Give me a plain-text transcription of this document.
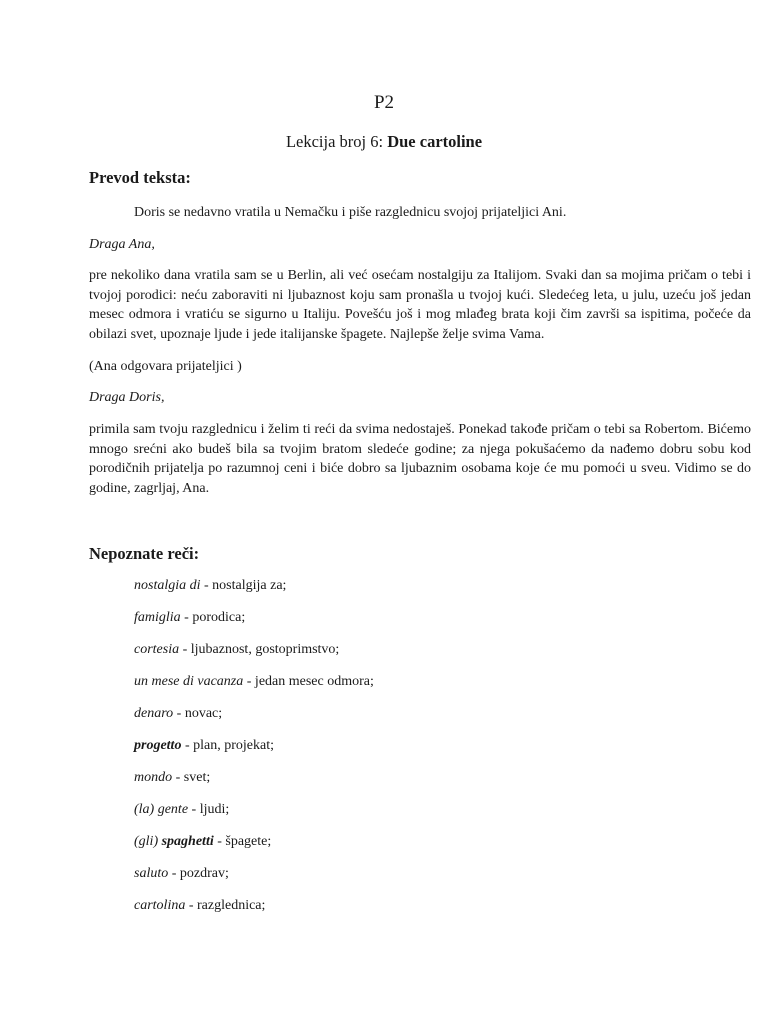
P2
Lekcija broj 6: Due cartoline
Prevod teksta:
Doris se nedavno vratila u Nemačku i piše razglednicu svojoj prijateljici Ani.
Draga Ana,
pre nekoliko dana vratila sam se u Berlin, ali već osećam nostalgiju za Italijom. Svaki dan sa mojima pričam o tebi i tvojoj porodici: neću zaboraviti ni ljubaznost koju sam pronašla u tvojoj kući. Sledećeg leta, u julu, uzeću još jedan mesec odmora i vratiću se sigurno u Italiju. Povešću još i mog mlađeg brata koji čim završi sa ispitima, počeće da obilazi svet, upoznaje ljude i jede italijanske špagete. Najlepše želje svima Vama.
(Ana odgovara prijateljici )
Draga Doris,
primila sam tvoju razglednicu i želim ti reći da svima nedostaješ. Ponekad takođe pričam o tebi sa Robertom. Bićemo mnogo srećni ako budeš bila sa tvojim bratom sledeće godine; za njega pokušaćemo da nađemo dobru sobu kod porodičnih prijatelja po razumnoj ceni i biće dobro sa ljubaznim osobama koje će mu pomoći u sveu. Vidimo se do godine, zagrljaj, Ana.
Nepoznate reči:
nostalgia di - nostalgija za;
famiglia - porodica;
cortesia - ljubaznost, gostoprimstvo;
un mese di vacanza - jedan mesec odmora;
denaro - novac;
progetto - plan, projekat;
mondo - svet;
(la) gente - ljudi;
(gli) spaghetti - špagete;
saluto - pozdrav;
cartolina - razglednica;
